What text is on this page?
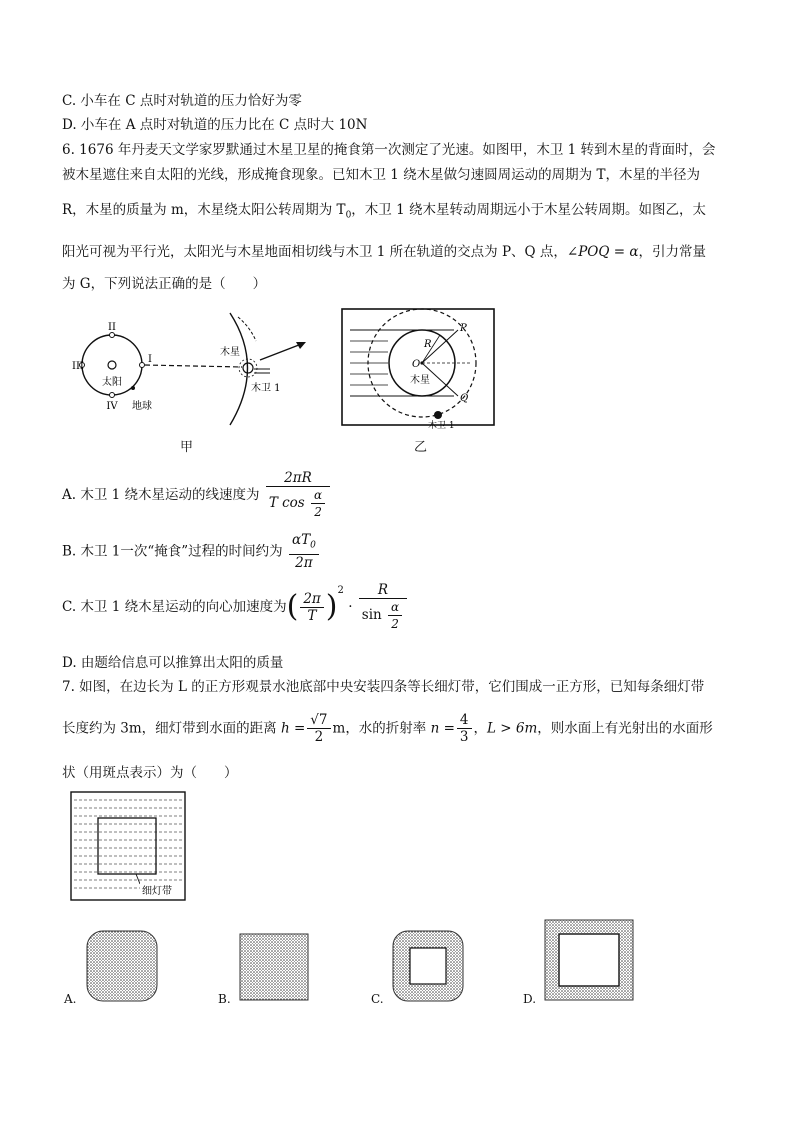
C. 小车在 C 点时对轨道的压力恰好为零
D. 小车在 A 点时对轨道的压力比在 C 点时大 10N
6. 1676 年丹麦天文学家罗默通过木星卫星的掩食第一次测定了光速。如图甲，木卫 1 转到木星的背面时，会
被木星遮住来自太阳的光线，形成掩食现象。已知木卫 1 绕木星做匀速圆周运动的周期为 T，木星的半径为
R，木星的质量为 m，木星绕太阳公转周期为 $T_0$，木卫 1 绕木星转动周期远小于木星公转周期。如图乙，太
阳光可视为平行光，太阳光与木星地面相切线与木卫 1 所在轨道的交点为 P、Q 点，∠POQ = α，引力常量
为 G，下列说法正确的是（　　）
II
III
I
IV
太阳
地球
木星
木卫 1
甲
P
R
O
木星
Q
木卫 1
乙
A. 木卫 1 绕木星运动的线速度为 $\frac{2\pi R}{T \cos \frac{\alpha}{2}}$
B. 木卫 1一次“掩食”过程的时间约为 $\frac{\alpha T_0}{2\pi}$
C. 木卫 1 绕木星运动的向心加速度为( $\frac{2\pi}{T} )^2 \cdot \frac{R}{\sin \frac{\alpha}{2}}$
D. 由题给信息可以推算出太阳的质量
7. 如图，在边长为 L 的正方形观景水池底部中央安装四条等长细灯带，它们围成一正方形，已知每条细灯带
长度约为 3m，细灯带到水面的距离 $h = \frac{√7}{2}$ m，水的折射率 $n = \frac{4}{3}$ ，L > 6m，则水面上有光射出的水面形
状（用斑点表示）为（　　）
细灯带
A.	B.	C.	D.
